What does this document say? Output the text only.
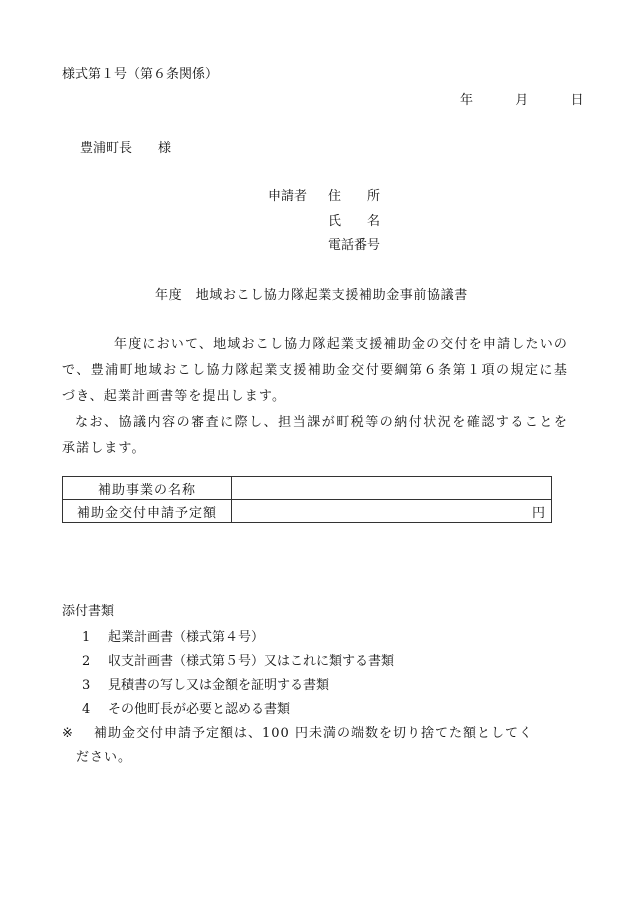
様式第１号（第６条関係）
年	月	日
豊浦町長　　様
申請者 住　　所
氏　　名
電話番号
年度　地域おこし協力隊起業支援補助金事前協議書

年度において、地域おこし協力隊起業支援補助金の交付を申請したいので、豊浦町地域おこし協力隊起業支援補助金交付要綱第６条第１項の規定に基づき、起業計画書等を提出します。

なお、協議内容の審査に際し、担当課が町税等の納付状況を確認することを承諾します。

補助事業の名称	
補助金交付申請予定額	円
添付書類
1 起業計画書（様式第４号）
2 収支計画書（様式第５号）又はこれに類する書類
3 見積書の写し又は金額を証明する書類
4 その他町長が必要と認める書類
※ 補助金交付申請予定額は、100 円未満の端数を切り捨てた額としてく
ださい。
